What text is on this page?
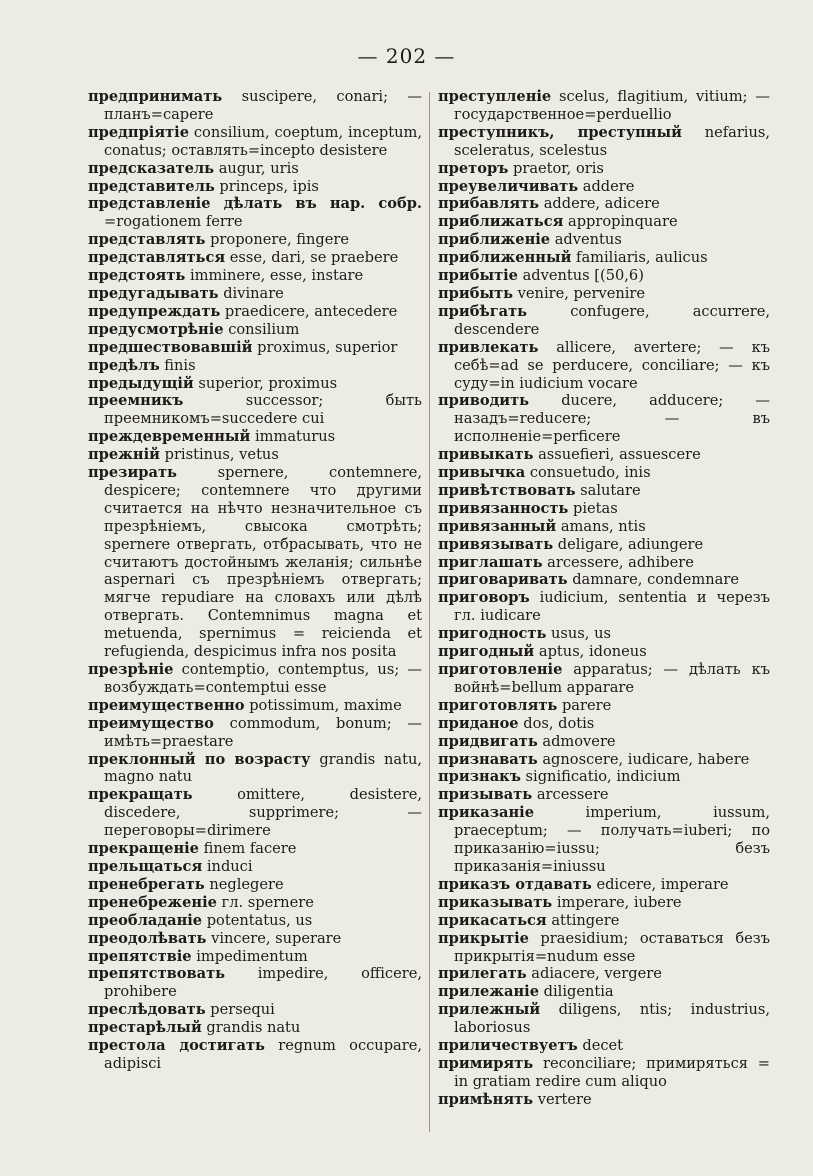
— 202 —

предпринимать suscipere, conari; — планъ=capere

предпріятіе consilium, coeptum, inceptum, conatus; оставлять=incepto desistere

предсказатель augur, uris

представитель princeps, ipis

представленіе дѣлать въ нар. собр. =rogationem ferre

представлять proponere, fingere

представляться esse, dari, se praebere

предстоять imminere, esse, instare

предугадывать divinare

предупреждать praedicere, antecedere

предусмотрѣніе consilium

предшествовавшій proximus, superior

предѣлъ finis

предыдущій superior, proximus

преемникъ	successor; быть преемникомъ=succedere cui

преждевременный immaturus

прежній pristinus, vetus

презирать	spernere, contemnere, despicere; contemnere что другими считается на нѣчто незначительное съ презрѣніемъ, свысока смотрѣть; spernere отвергать, отбрасывать, что не считаютъ достойнымъ желанія; сильнѣе aspernari съ презрѣніемъ отвергать; мягче repudiare на словахъ или дѣлѣ отвергать. Contemnimus magna et metuenda, spernimus = reicienda et refugienda, despicimus infra nos posita

презрѣніе contemptio, contemptus, us; — возбуждать=contemptui esse

преимущественно potissimum, maxime

преимущество commodum, bonum; — имѣть=praestare

преклонный по возрасту grandis natu, magno natu

прекращать	omittere, desistere, discedere, supprimere; — переговоры=dirimere

прекращеніе finem facere

прельщаться induci

пренебрегать neglegere

пренебреженіе гл. spernere

преобладаніе potentatus, us

преодолѣвать vincere, superare

препятствіе impedimentum

препятствовать impedire, officere, prohibere

преслѣдовать persequi

престарѣлый grandis natu

престола достигать regnum occupare, adipisci

преступленіе scelus, flagitium, vitium; — государственное=perduellio

преступникъ, преступный nefarius, sceleratus, scelestus

преторъ praetor, oris

преувеличивать addere

прибавлять addere, adicere

приближаться appropinquare

приближеніе adventus

приближенный familiaris, aulicus

прибытіе adventus [(50,6)

прибыть venire, pervenire

прибѣгать	confugere, accurrere, descendere

привлекать allicere, avertere; — къ себѣ=ad se perducere, conciliare; — къ суду=in iudicium vocare

приводить ducere, adducere; — назадъ=reducere; — въ исполненіе=perficere

привыкать assuefieri, assuescere

привычка consuetudo, inis

привѣтствовать salutare

привязанность pietas

привязанный amans, ntis

привязывать deligare, adiungere

приглашать arcessere, adhibere

приговаривать damnare, condemnare

приговоръ iudicium, sententia и черезъ гл. iudicare

пригодность usus, us

пригодный aptus, idoneus

приготовленіе apparatus; — дѣлать къ войнѣ=bellum apparare

приготовлять parere

приданое dos, dotis

придвигать admovere

признавать agnoscere, iudicare, habere

признакъ significatio, indicium

призывать arcessere

приказаніе	imperium, iussum, praeceptum; — получать=iuberi; по приказанію=iussu; безъ приказанія=iniussu

приказъ отдавать edicere, imperare

приказывать imperare, iubere

прикасаться attingere

прикрытіе praesidium; оставаться безъ прикрытія=nudum esse

прилегать adiacere, vergere

прилежаніе diligentia

прилежный diligens, ntis; industrius, laboriosus

приличествуетъ decet

примирять reconciliare; примиряться = in gratiam redire cum aliquo

примѣнять vertere
